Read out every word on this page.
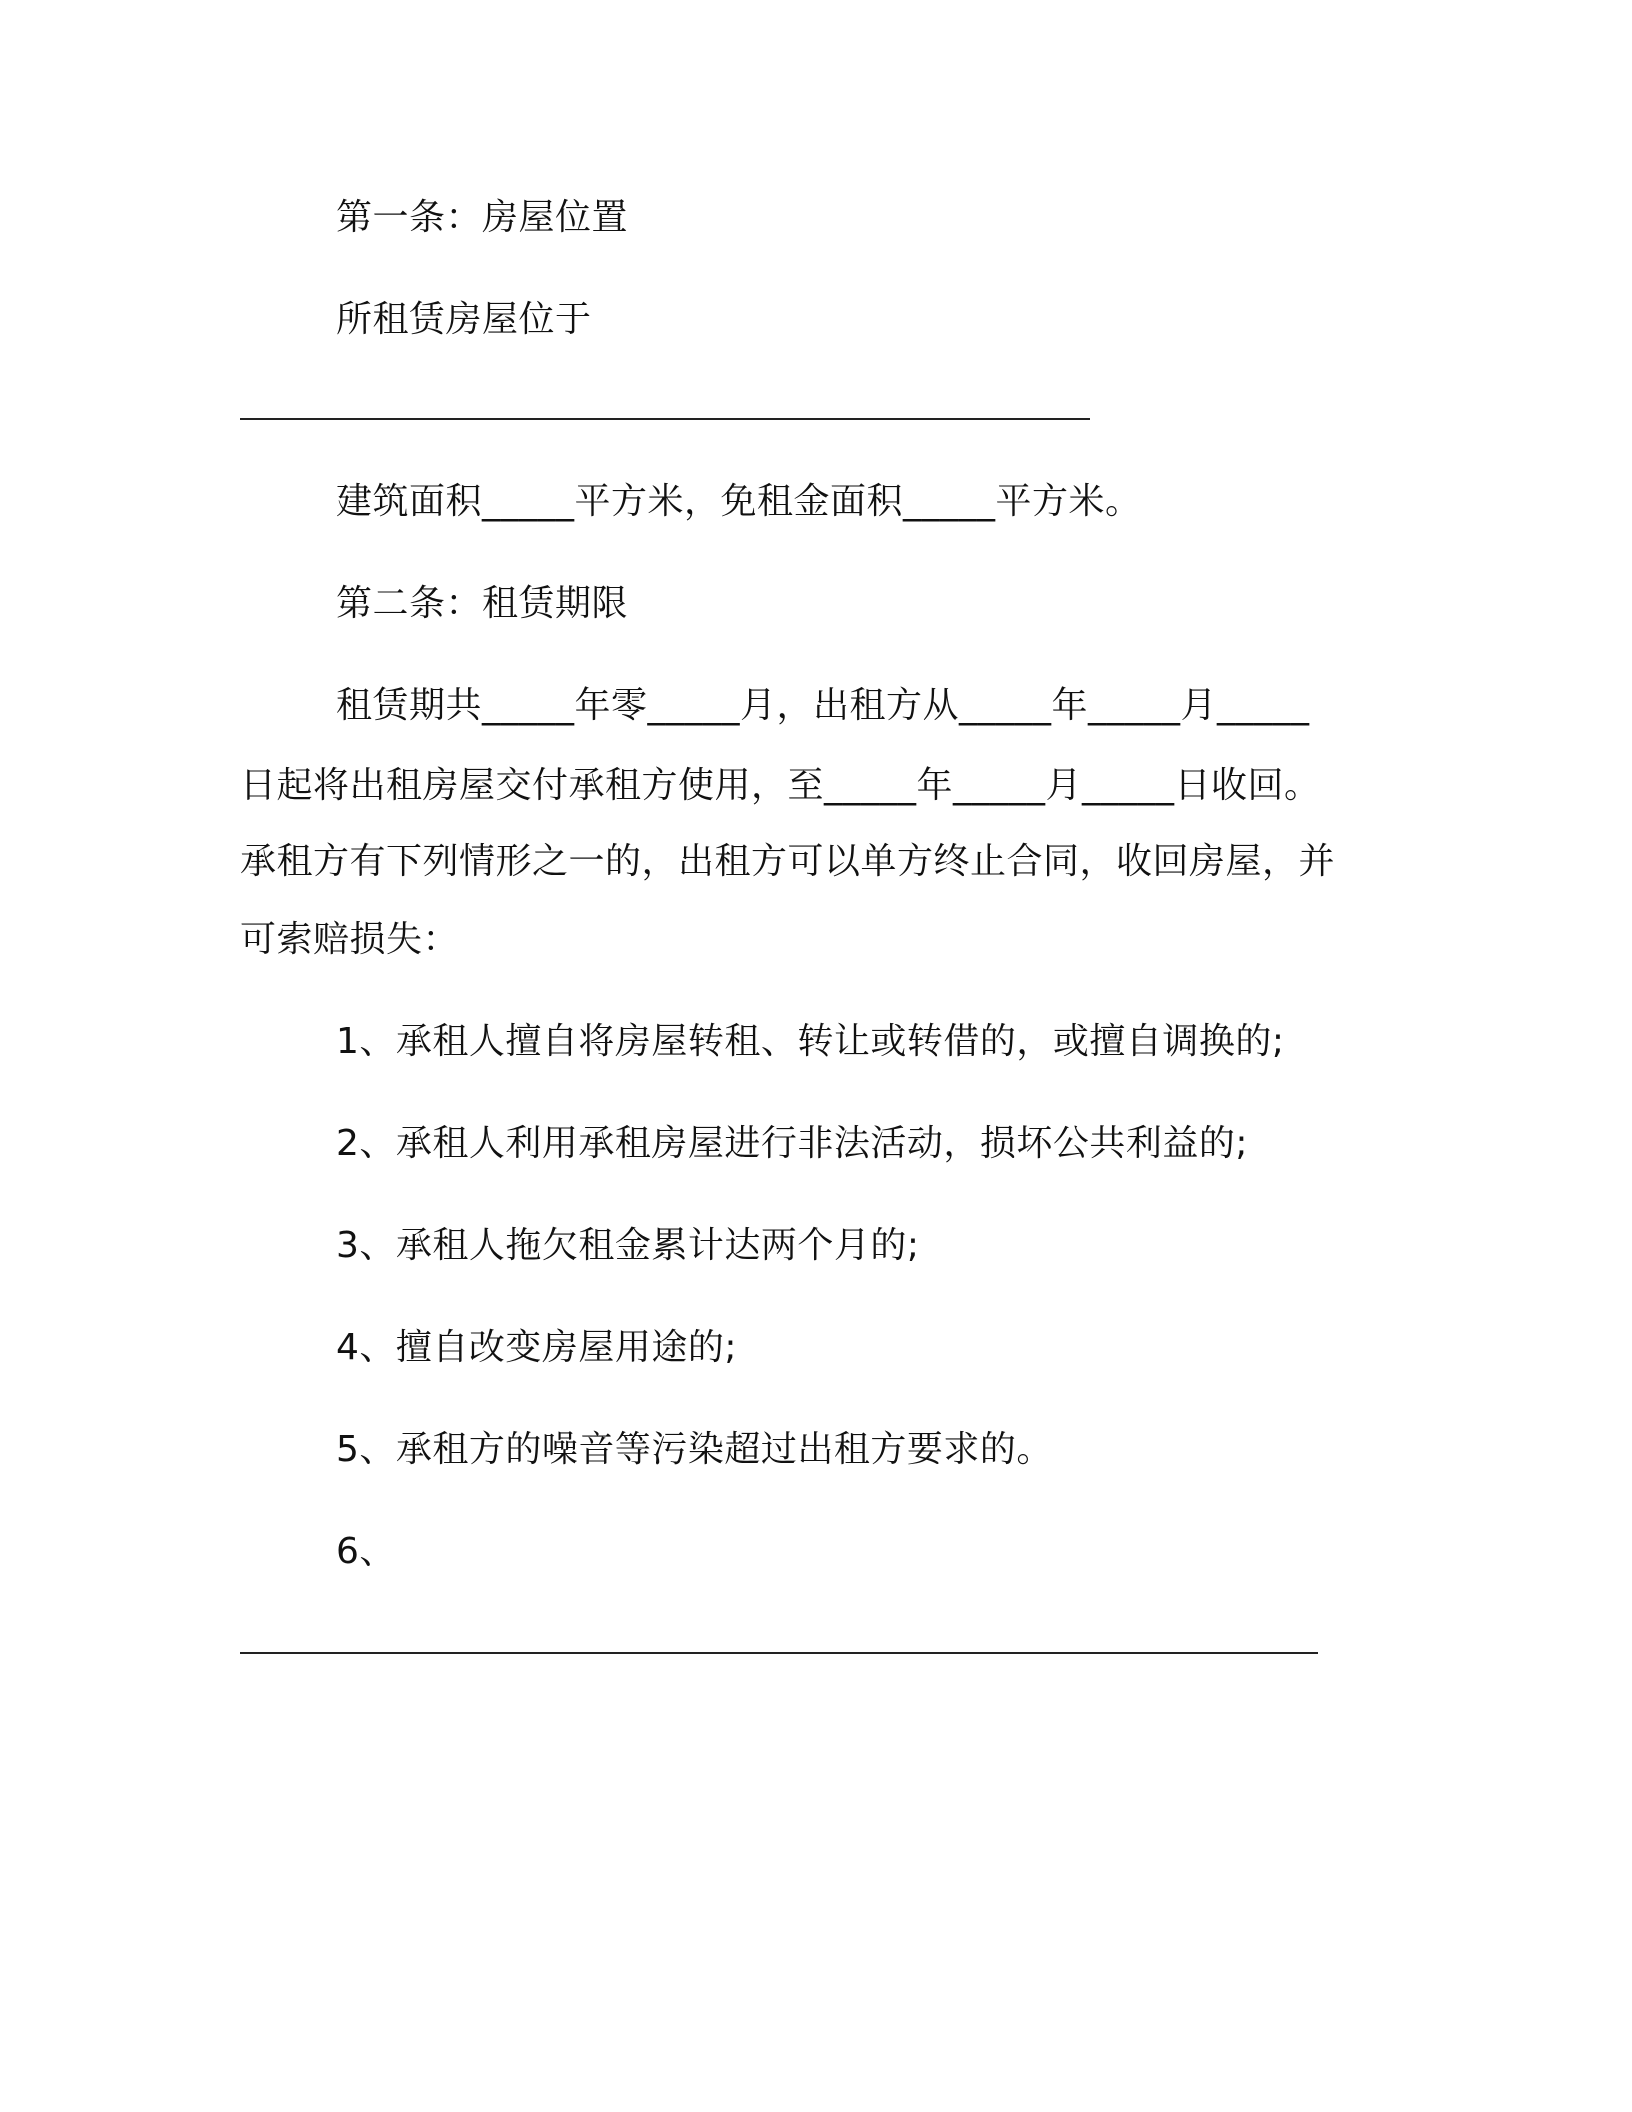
第一条：房屋位置
所租赁房屋位于
建筑面积_____平方米，免租金面积_____平方米。
第二条：租赁期限
租赁期共_____年零_____月，出租方从_____年_____月_____
日起将出租房屋交付承租方使用，至_____年_____月_____日收回。
承租方有下列情形之一的，出租方可以单方终止合同，收回房屋，并
可索赔损失：
1、承租人擅自将房屋转租、转让或转借的，或擅自调换的;
2、承租人利用承租房屋进行非法活动，损坏公共利益的;
3、承租人拖欠租金累计达两个月的;
4、擅自改变房屋用途的;
5、承租方的噪音等污染超过出租方要求的。
6、
